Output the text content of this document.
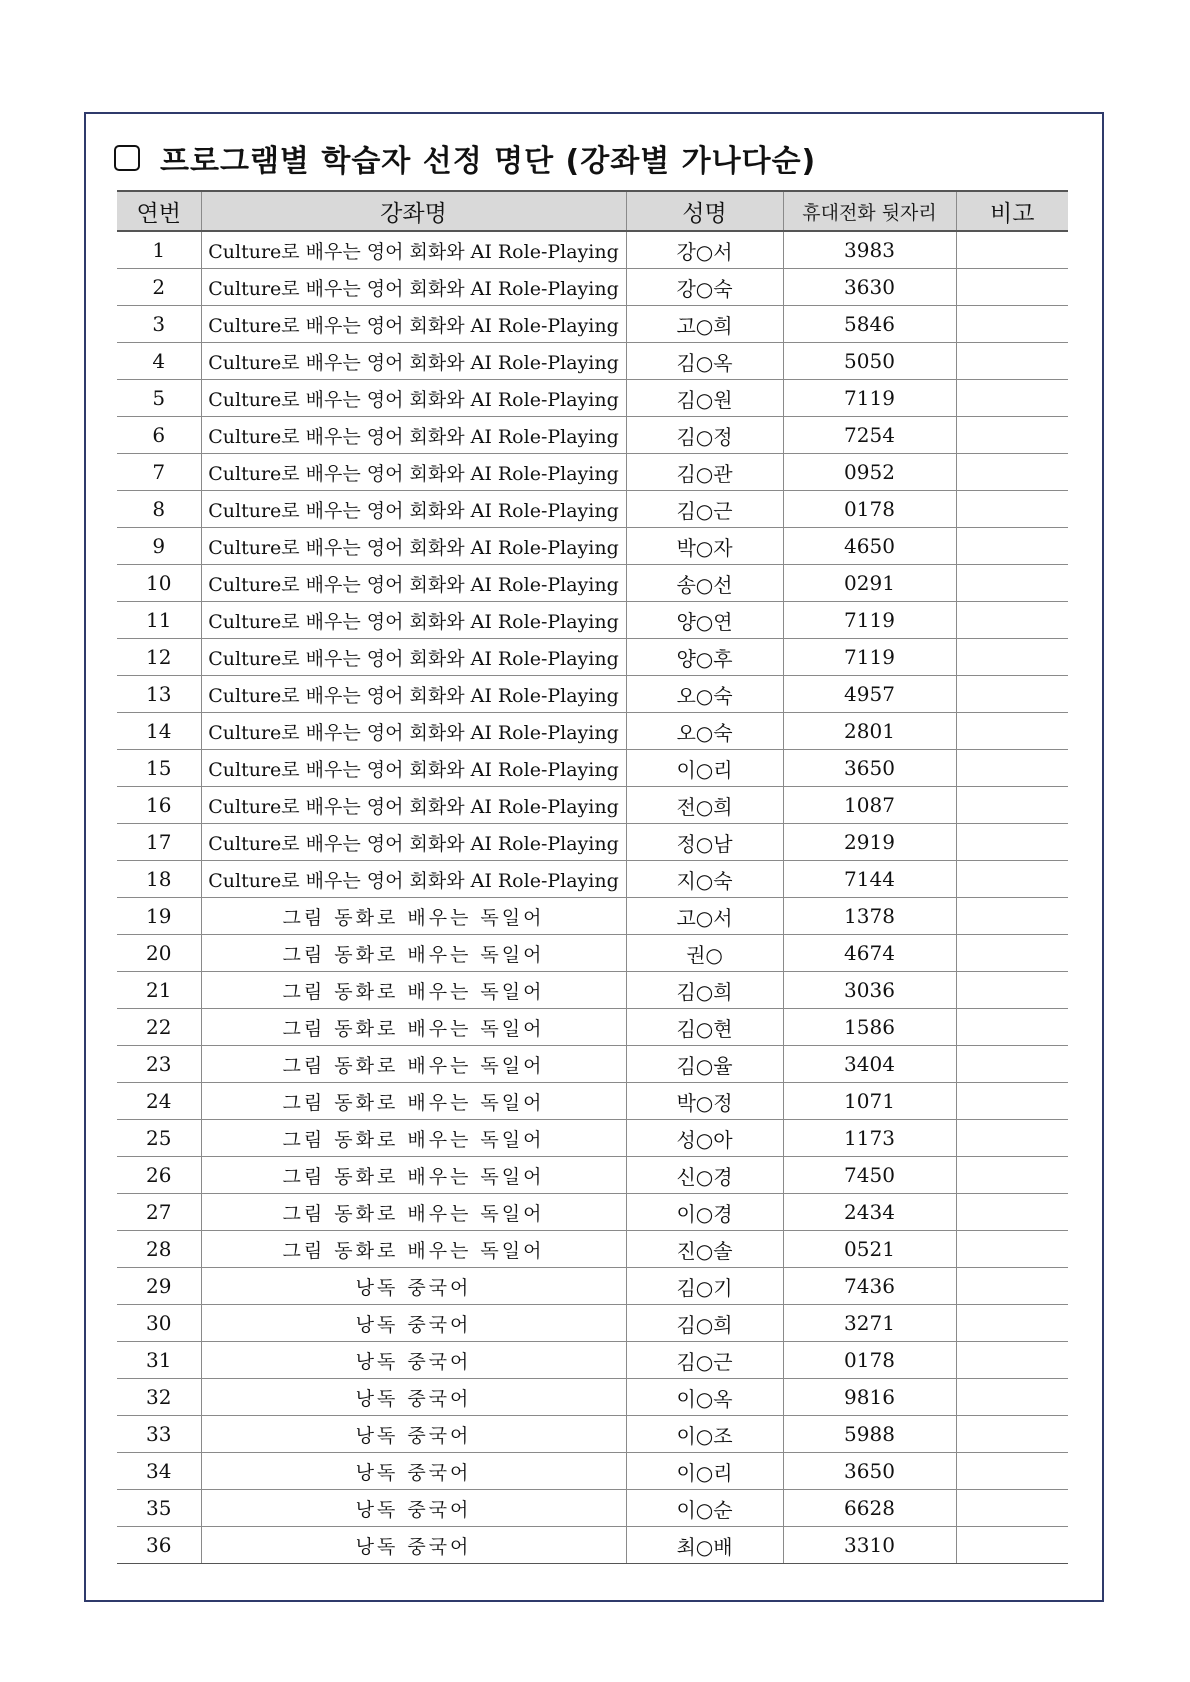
프로그램별 학습자 선정 명단 (강좌별 가나다순)
연번	강좌명	성명	휴대전화 뒷자리	비고
1	Culture로 배우는 영어 회화와 AI Role-Playing	강○서	3983	
2	Culture로 배우는 영어 회화와 AI Role-Playing	강○숙	3630	
3	Culture로 배우는 영어 회화와 AI Role-Playing	고○희	5846	
4	Culture로 배우는 영어 회화와 AI Role-Playing	김○옥	5050	
5	Culture로 배우는 영어 회화와 AI Role-Playing	김○원	7119	
6	Culture로 배우는 영어 회화와 AI Role-Playing	김○정	7254	
7	Culture로 배우는 영어 회화와 AI Role-Playing	김○관	0952	
8	Culture로 배우는 영어 회화와 AI Role-Playing	김○근	0178	
9	Culture로 배우는 영어 회화와 AI Role-Playing	박○자	4650	
10	Culture로 배우는 영어 회화와 AI Role-Playing	송○선	0291	
11	Culture로 배우는 영어 회화와 AI Role-Playing	양○연	7119	
12	Culture로 배우는 영어 회화와 AI Role-Playing	양○후	7119	
13	Culture로 배우는 영어 회화와 AI Role-Playing	오○숙	4957	
14	Culture로 배우는 영어 회화와 AI Role-Playing	오○숙	2801	
15	Culture로 배우는 영어 회화와 AI Role-Playing	이○리	3650	
16	Culture로 배우는 영어 회화와 AI Role-Playing	전○희	1087	
17	Culture로 배우는 영어 회화와 AI Role-Playing	정○남	2919	
18	Culture로 배우는 영어 회화와 AI Role-Playing	지○숙	7144	
19	그림 동화로 배우는 독일어	고○서	1378	
20	그림 동화로 배우는 독일어	권○	4674	
21	그림 동화로 배우는 독일어	김○희	3036	
22	그림 동화로 배우는 독일어	김○현	1586	
23	그림 동화로 배우는 독일어	김○율	3404	
24	그림 동화로 배우는 독일어	박○정	1071	
25	그림 동화로 배우는 독일어	성○아	1173	
26	그림 동화로 배우는 독일어	신○경	7450	
27	그림 동화로 배우는 독일어	이○경	2434	
28	그림 동화로 배우는 독일어	진○솔	0521	
29	낭독 중국어	김○기	7436	
30	낭독 중국어	김○희	3271	
31	낭독 중국어	김○근	0178	
32	낭독 중국어	이○옥	9816	
33	낭독 중국어	이○조	5988	
34	낭독 중국어	이○리	3650	
35	낭독 중국어	이○순	6628	
36	낭독 중국어	최○배	3310	
